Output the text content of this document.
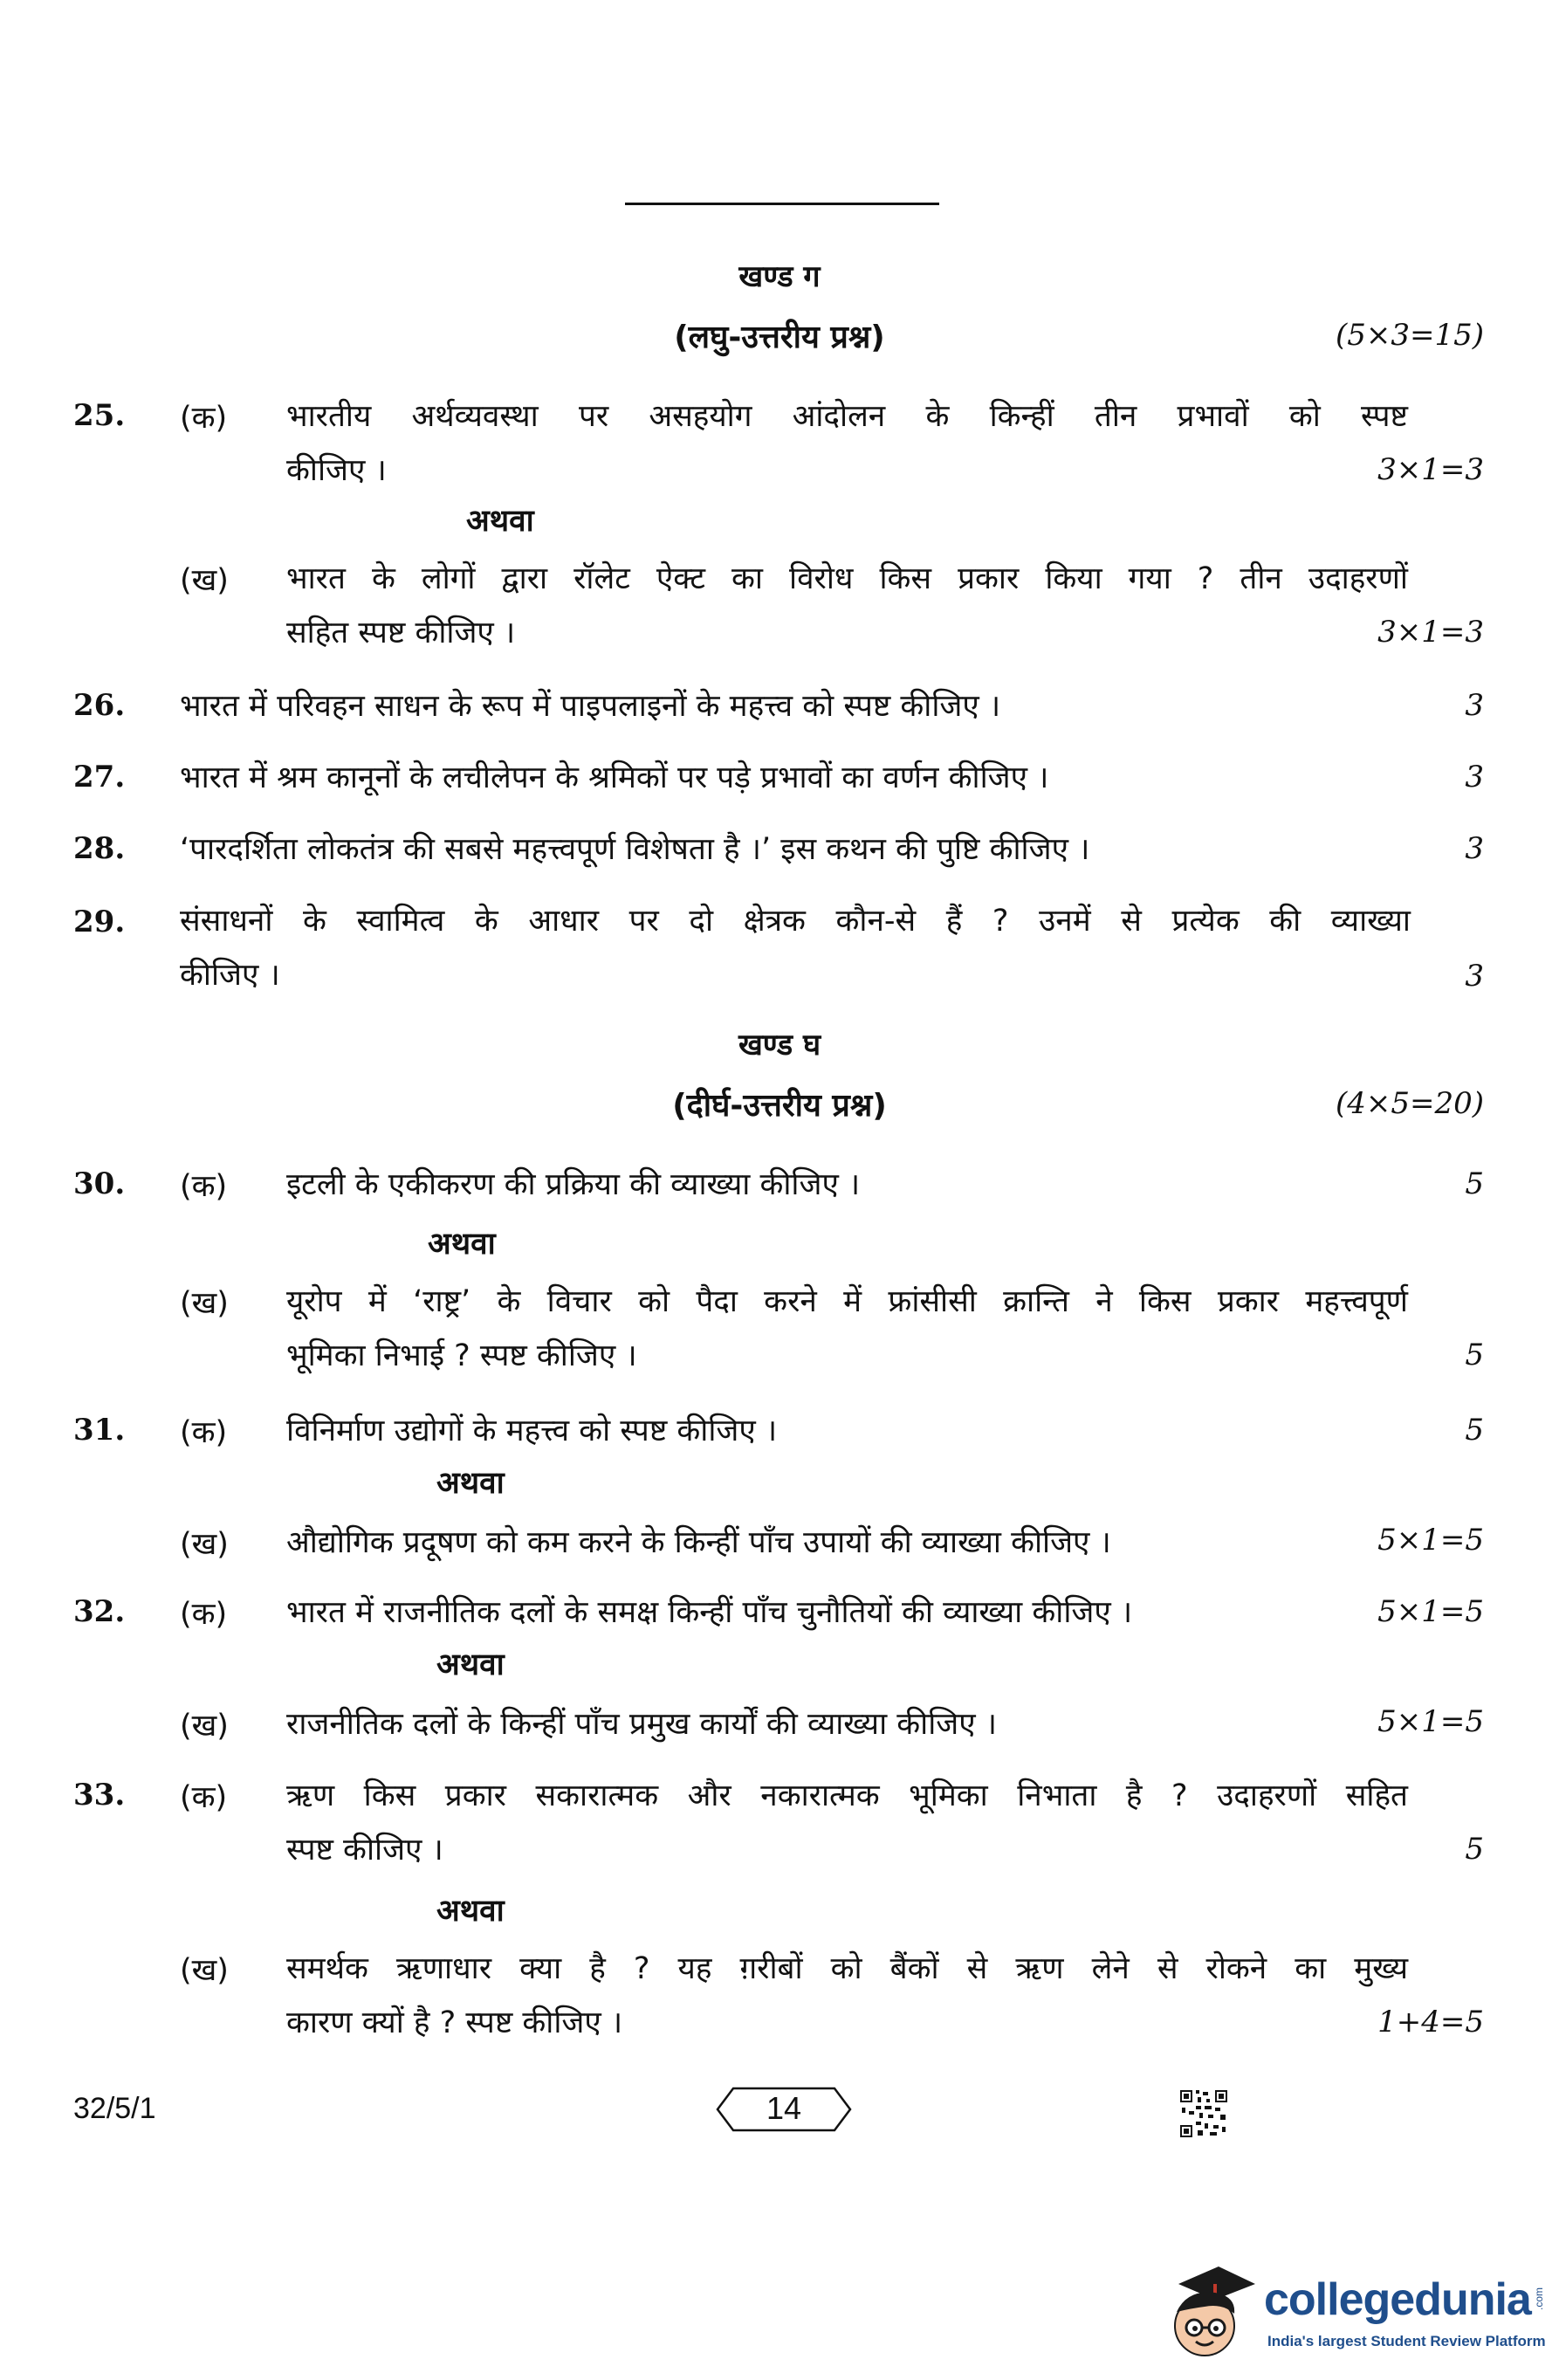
खण्ड ग
(लघु-उत्तरीय प्रश्न)	(5×3=15)
25. (क) भारतीय अर्थव्यवस्था पर असहयोग आंदोलन के किन्हीं तीन प्रभावों को स्पष्ट
कीजिए ।	3×1=3
अथवा
(ख) भारत के लोगों द्वारा रॉलेट ऐक्ट का विरोध किस प्रकार किया गया ? तीन उदाहरणों
सहित स्पष्ट कीजिए ।	3×1=3
26. भारत में परिवहन साधन के रूप में पाइपलाइनों के महत्त्व को स्पष्ट कीजिए ।	3
27. भारत में श्रम कानूनों के लचीलेपन के श्रमिकों पर पड़े प्रभावों का वर्णन कीजिए ।	3
28. ‘पारदर्शिता लोकतंत्र की सबसे महत्त्वपूर्ण विशेषता है ।’ इस कथन की पुष्टि कीजिए ।	3
29. संसाधनों के स्वामित्व के आधार पर दो क्षेत्रक कौन-से हैं ? उनमें से प्रत्येक की व्याख्या
कीजिए ।	3
खण्ड घ
(दीर्घ-उत्तरीय प्रश्न)	(4×5=20)
30. (क) इटली के एकीकरण की प्रक्रिया की व्याख्या कीजिए ।	5
अथवा
(ख) यूरोप में ‘राष्ट्र’ के विचार को पैदा करने में फ्रांसीसी क्रान्ति ने किस प्रकार महत्त्वपूर्ण
भूमिका निभाई ? स्पष्ट कीजिए ।	5
31. (क) विनिर्माण उद्योगों के महत्त्व को स्पष्ट कीजिए ।	5
अथवा
(ख) औद्योगिक प्रदूषण को कम करने के किन्हीं पाँच उपायों की व्याख्या कीजिए ।	5×1=5
32. (क) भारत में राजनीतिक दलों के समक्ष किन्हीं पाँच चुनौतियों की व्याख्या कीजिए ।	5×1=5
अथवा
(ख) राजनीतिक दलों के किन्हीं पाँच प्रमुख कार्यों की व्याख्या कीजिए ।	5×1=5
33. (क) ऋण किस प्रकार सकारात्मक और नकारात्मक भूमिका निभाता है ? उदाहरणों सहित
स्पष्ट कीजिए ।	5
अथवा
(ख) समर्थक ऋणाधार क्या है ? यह ग़रीबों को बैंकों से ऋण लेने से रोकने का मुख्य
कारण क्यों है ? स्पष्ट कीजिए ।	1+4=5
32/5/1	14
collegedunia .com
India's largest Student Review Platform
